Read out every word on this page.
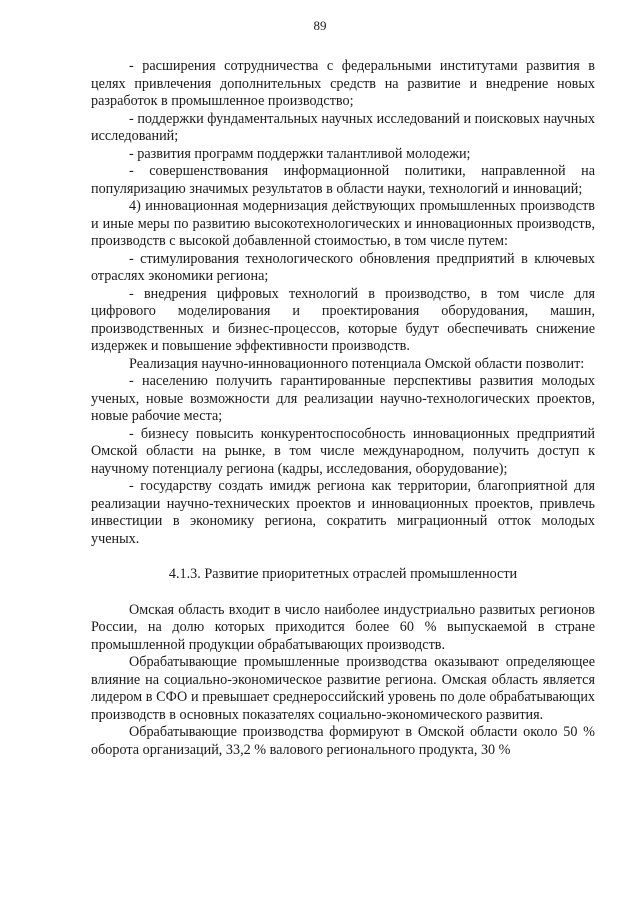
89

- расширения сотрудничества с федеральными институтами развития в целях привлечения дополнительных средств на развитие и внедрение новых разработок в промышленное производство;

- поддержки фундаментальных научных исследований и поисковых научных исследований;

- развития программ поддержки талантливой молодежи;

- совершенствования информационной политики, направленной на популяризацию значимых результатов в области науки, технологий и инноваций;

4) инновационная модернизация действующих промышленных производств и иные меры по развитию высокотехнологических и инновационных производств, производств с высокой добавленной стоимостью, в том числе путем:

- стимулирования технологического обновления предприятий в ключевых отраслях экономики региона;

- внедрения цифровых технологий в производство, в том числе для цифрового моделирования и проектирования оборудования, машин, производственных и бизнес-процессов, которые будут обеспечивать снижение издержек и повышение эффективности производств.

Реализация научно-инновационного потенциала Омской области позволит:

- населению получить гарантированные перспективы развития молодых ученых, новые возможности для реализации научно-технологических проектов, новые рабочие места;

- бизнесу повысить конкурентоспособность инновационных предприятий Омской области на рынке, в том числе международном, получить доступ к научному потенциалу региона (кадры, исследования, оборудование);

- государству создать имидж региона как территории, благоприятной для реализации научно-технических проектов и инновационных проектов, привлечь инвестиции в экономику региона, сократить миграционный отток молодых ученых.

4.1.3. Развитие приоритетных отраслей промышленности

Омская область входит в число наиболее индустриально развитых регионов России, на долю которых приходится более 60 % выпускаемой в стране промышленной продукции обрабатывающих производств.

Обрабатывающие промышленные производства оказывают определяющее влияние на социально-экономическое развитие региона. Омская область является лидером в СФО и превышает среднероссийский уровень по доле обрабатывающих производств в основных показателях социально-экономического развития.

Обрабатывающие производства формируют в Омской области около 50 % оборота организаций, 33,2 % валового регионального продукта, 30 %
